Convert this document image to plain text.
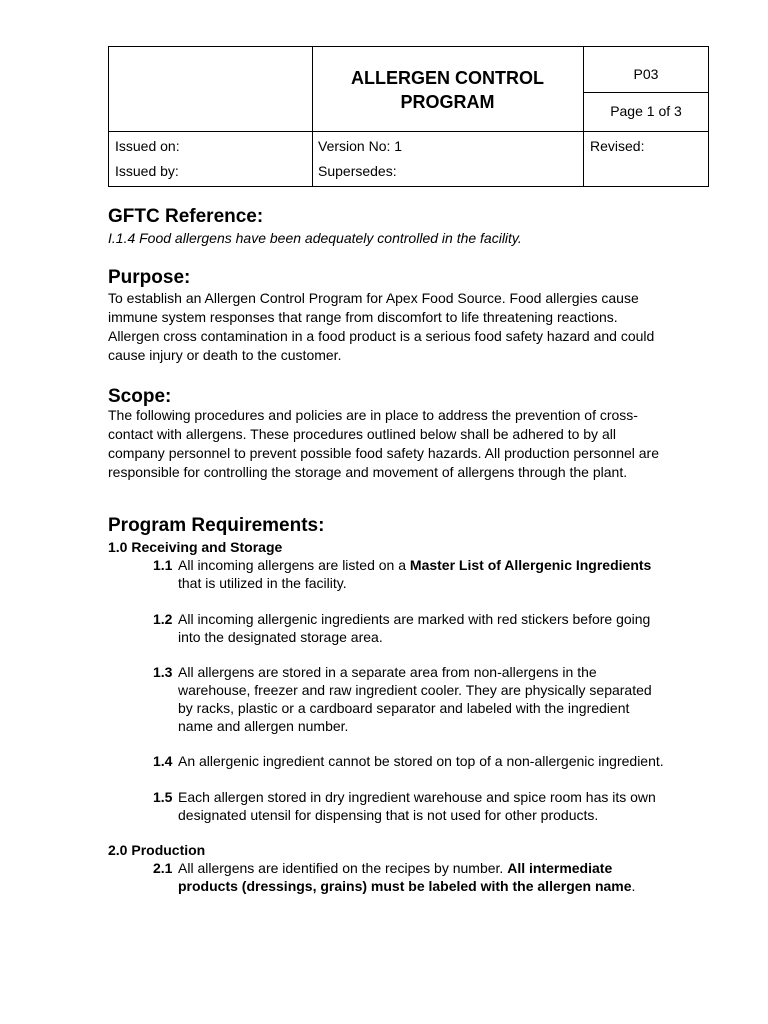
ALLERGEN CONTROL
PROGRAM
P03
Page 1 of 3
Issued on:
Issued by:
Version No: 1
Supersedes:
Revised:
GFTC Reference:
I.1.4 Food allergens have been adequately controlled in the facility.
Purpose:
To establish an Allergen Control Program for Apex Food Source. Food allergies cause
immune system responses that range from discomfort to life threatening reactions.
Allergen cross contamination in a food product is a serious food safety hazard and could
cause injury or death to the customer.
Scope:
The following procedures and policies are in place to address the prevention of cross-
contact with allergens. These procedures outlined below shall be adhered to by all
company personnel to prevent possible food safety hazards. All production personnel are
responsible for controlling the storage and movement of allergens through the plant.
Program Requirements:
1.0 Receiving and Storage
1.1 All incoming allergens are listed on a Master List of Allergenic Ingredients
that is utilized in the facility.
1.2 All incoming allergenic ingredients are marked with red stickers before going
into the designated storage area.
1.3 All allergens are stored in a separate area from non-allergens in the
warehouse, freezer and raw ingredient cooler. They are physically separated
by racks, plastic or a cardboard separator and labeled with the ingredient
name and allergen number.
1.4 An allergenic ingredient cannot be stored on top of a non-allergenic ingredient.
1.5 Each allergen stored in dry ingredient warehouse and spice room has its own
designated utensil for dispensing that is not used for other products.
2.0 Production
2.1 All allergens are identified on the recipes by number. All intermediate
products (dressings, grains) must be labeled with the allergen name.
